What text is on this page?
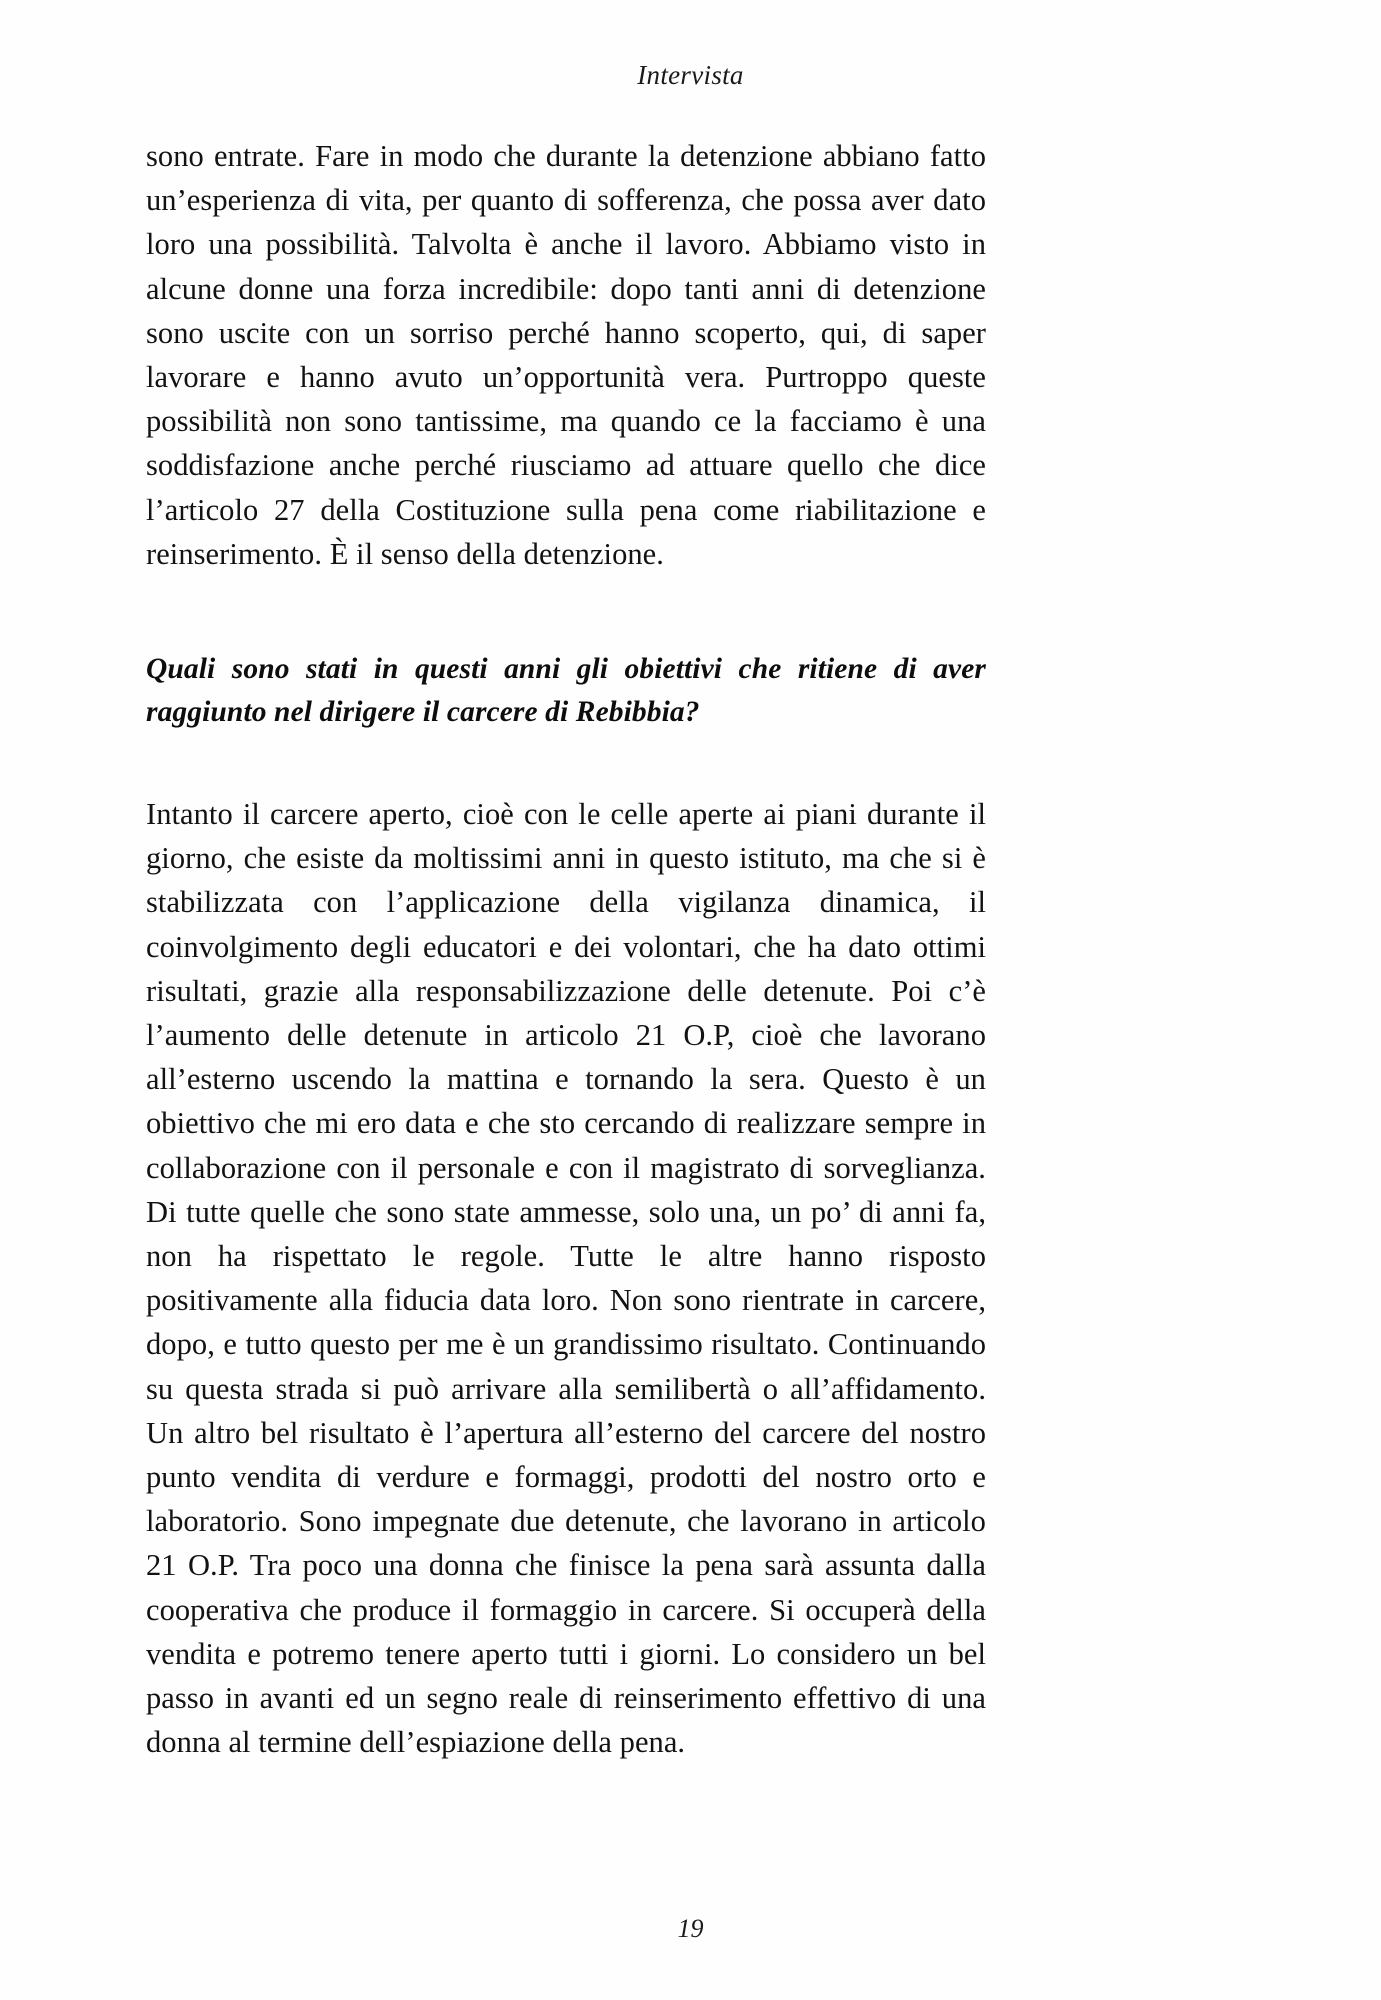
Intervista

sono entrate. Fare in modo che durante la detenzione abbiano fatto un’esperienza di vita, per quanto di sofferenza, che possa aver dato loro una possibilità. Talvolta è anche il lavoro. Abbiamo visto in alcune donne una forza incredibile: dopo tanti anni di detenzione sono uscite con un sorriso perché hanno scoperto, qui, di saper lavorare e hanno avuto un’opportunità vera. Purtroppo queste possibilità non sono tantissime, ma quando ce la facciamo è una soddisfazione anche perché riusciamo ad attuare quello che dice l’articolo 27 della Costituzione sulla pena come riabilitazione e reinserimento. È il senso della detenzione.

Quali sono stati in questi anni gli obiettivi che ritiene di aver raggiunto nel dirigere il carcere di Rebibbia?

Intanto il carcere aperto, cioè con le celle aperte ai piani durante il giorno, che esiste da moltissimi anni in questo istituto, ma che si è stabilizzata con l’applicazione della vigilanza dinamica, il coinvolgimento degli educatori e dei volontari, che ha dato ottimi risultati, grazie alla responsabilizzazione delle detenute. Poi c’è l’aumento delle detenute in articolo 21 O.P, cioè che lavorano all’esterno uscendo la mattina e tornando la sera. Questo è un obiettivo che mi ero data e che sto cercando di realizzare sempre in collaborazione con il personale e con il magistrato di sorveglianza. Di tutte quelle che sono state ammesse, solo una, un po’ di anni fa, non ha rispettato le regole. Tutte le altre hanno risposto positivamente alla fiducia data loro. Non sono rientrate in carcere, dopo, e tutto questo per me è un grandissimo risultato. Continuando su questa strada si può arrivare alla semilibertà o all’affidamento. Un altro bel risultato è l’apertura all’esterno del carcere del nostro punto vendita di verdure e formaggi, prodotti del nostro orto e laboratorio. Sono impegnate due detenute, che lavorano in articolo 21 O.P. Tra poco una donna che finisce la pena sarà assunta dalla cooperativa che produce il formaggio in carcere. Si occuperà della vendita e potremo tenere aperto tutti i giorni. Lo considero un bel passo in avanti ed un segno reale di reinserimento effettivo di una donna al termine dell’espiazione della pena.

19
